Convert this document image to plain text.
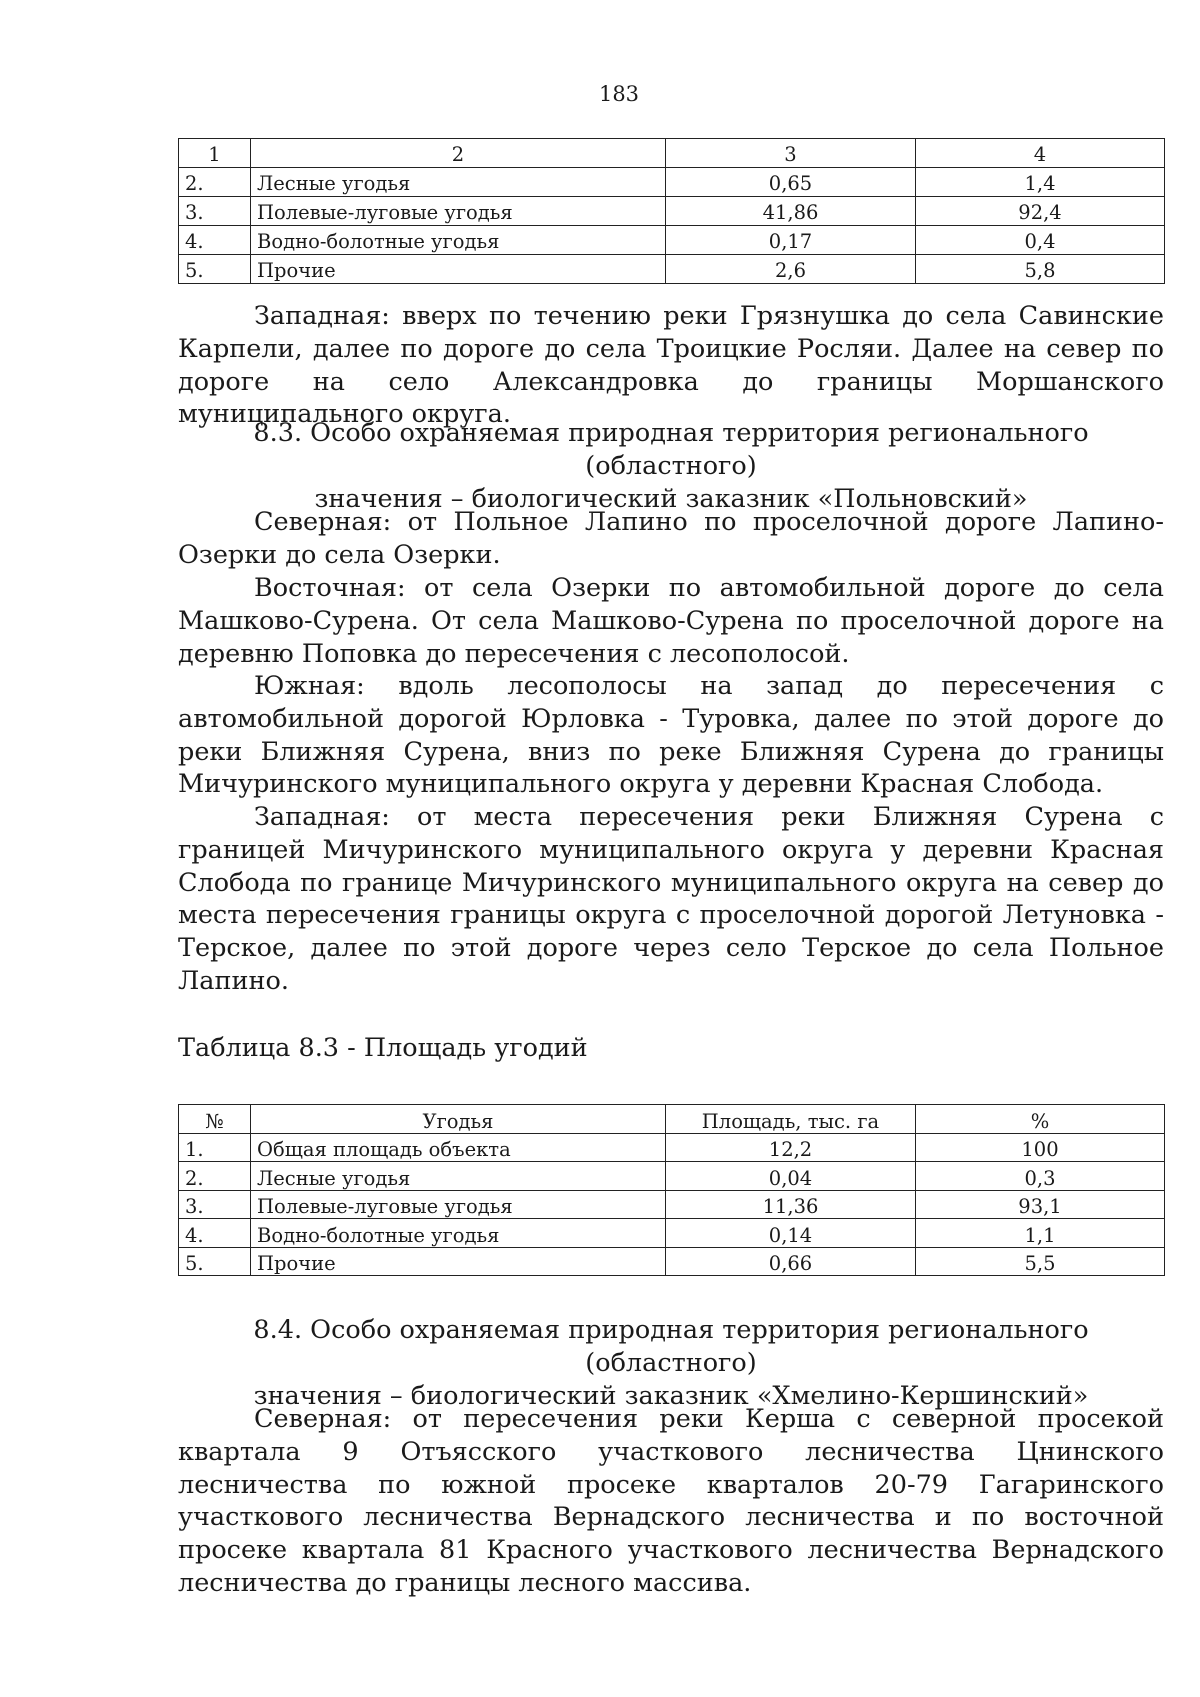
183
1	2	3	4
2.	Лесные угодья	0,65	1,4
3.	Полевые-луговые угодья	41,86	92,4
4.	Водно-болотные угодья	0,17	0,4
5.	Прочие	2,6	5,8

Западная: вверх по течению реки Грязнушка до села Савинские Карпели, далее по дороге до села Троицкие Росляи. Далее на север по дороге на село Александровка до границы Моршанского муниципального округа.

8.3. Особо охраняемая природная территория регионального (областного)
значения – биологический заказник «Польновский»

Северная: от Польное Лапино по проселочной дороге Лапино-Озерки до села Озерки.

Восточная: от села Озерки по автомобильной дороге до села Машково-Сурена. От села Машково-Сурена по проселочной дороге на деревню Поповка до пересечения с лесополосой.

Южная: вдоль лесополосы на запад до пересечения с автомобильной дорогой Юрловка - Туровка, далее по этой дороге до реки Ближняя Сурена, вниз по реке Ближняя Сурена до границы Мичуринского муниципального округа у деревни Красная Слобода.

Западная: от места пересечения реки Ближняя Сурена с границей Мичуринского муниципального округа у деревни Красная Слобода по границе Мичуринского муниципального округа на север до места пересечения границы округа с проселочной дорогой Летуновка - Терское, далее по этой дороге через село Терское до села Польное Лапино.

Таблица 8.3 - Площадь угодий
№	Угодья	Площадь, тыс. га	%
1.	Общая площадь объекта	12,2	100
2.	Лесные угодья	0,04	0,3
3.	Полевые-луговые угодья	11,36	93,1
4.	Водно-болотные угодья	0,14	1,1
5.	Прочие	0,66	5,5
8.4. Особо охраняемая природная территория регионального (областного)
значения – биологический заказник «Хмелино-Кершинский»

Северная: от пересечения реки Керша с северной просекой квартала 9 Отъясского участкового лесничества Цнинского лесничества по южной просеке кварталов 20-79 Гагаринского участкового лесничества Вернадского лесничества и по восточной просеке квартала 81 Красного участкового лесничества Вернадского лесничества до границы лесного массива.
